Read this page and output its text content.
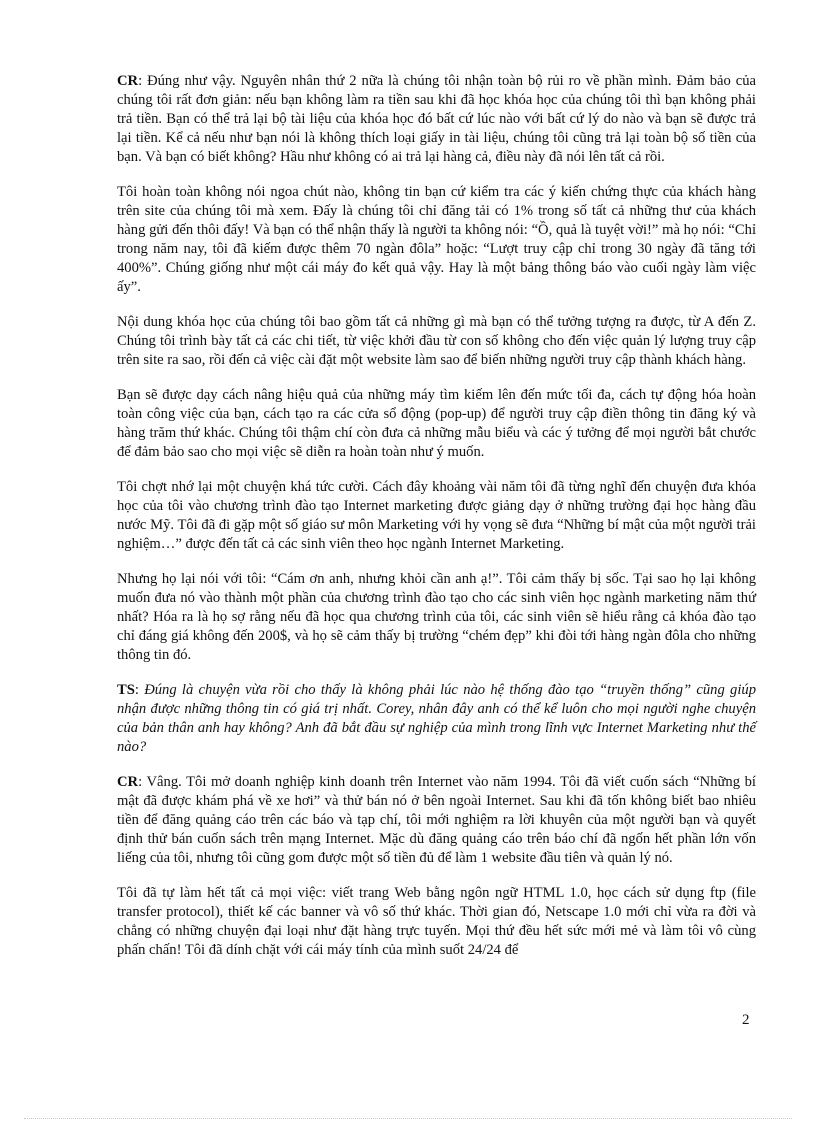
CR: Đúng như vậy. Nguyên nhân thứ 2 nữa là chúng tôi nhận toàn bộ rủi ro về phần mình. Đảm bảo của chúng tôi rất đơn giản: nếu bạn không làm ra tiền sau khi đã học khóa học của chúng tôi thì bạn không phải trả tiền. Bạn có thể trả lại bộ tài liệu của khóa học đó bất cứ lúc nào với bất cứ lý do nào và bạn sẽ được trả lại tiền. Kể cả nếu như bạn nói là không thích loại giấy in tài liệu, chúng tôi cũng trả lại toàn bộ số tiền của bạn. Và bạn có biết không? Hầu như không có ai trả lại hàng cả, điều này đã nói lên tất cả rồi.

Tôi hoàn toàn không nói ngoa chút nào, không tin bạn cứ kiểm tra các ý kiến chứng thực của khách hàng trên site của chúng tôi mà xem. Đấy là chúng tôi chỉ đăng tải có 1% trong số tất cả những thư của khách hàng gửi đến thôi đấy! Và bạn có thể nhận thấy là người ta không nói: “Ồ, quả là tuyệt vời!” mà họ nói: “Chỉ trong năm nay, tôi đã kiếm được thêm 70 ngàn đôla” hoặc: “Lượt truy cập chỉ trong 30 ngày đã tăng tới 400%”. Chúng giống như một cái máy đo kết quả vậy. Hay là một bảng thông báo vào cuối ngày làm việc ấy”.

Nội dung khóa học của chúng tôi bao gồm tất cả những gì mà bạn có thể tưởng tượng ra được, từ A đến Z. Chúng tôi trình bày tất cả các chi tiết, từ việc khởi đầu từ con số không cho đến việc quản lý lượng truy cập trên site ra sao, rồi đến cả việc cài đặt một website làm sao để biến những người truy cập thành khách hàng.

Bạn sẽ được dạy cách nâng hiệu quả của những máy tìm kiếm lên đến mức tối đa, cách tự động hóa hoàn toàn công việc của bạn, cách tạo ra các cửa sổ động (pop-up) để người truy cập điền thông tin đăng ký và hàng trăm thứ khác. Chúng tôi thậm chí còn đưa cả những mẫu biểu và các ý tưởng để mọi người bắt chước để đảm bảo sao cho mọi việc sẽ diễn ra hoàn toàn như ý muốn.

Tôi chợt nhớ lại một chuyện khá tức cười. Cách đây khoảng vài năm tôi đã từng nghĩ đến chuyện đưa khóa học của tôi vào chương trình đào tạo Internet marketing được giảng dạy ở những trường đại học hàng đầu nước Mỹ. Tôi đã đi gặp một số giáo sư môn Marketing với hy vọng sẽ đưa “Những bí mật của một người trải nghiệm…” được đến tất cả các sinh viên theo học ngành Internet Marketing.

Nhưng họ lại nói với tôi: “Cám ơn anh, nhưng khỏi cần anh ạ!”. Tôi cảm thấy bị sốc. Tại sao họ lại không muốn đưa nó vào thành một phần của chương trình đào tạo cho các sinh viên học ngành marketing năm thứ nhất? Hóa ra là họ sợ rằng nếu đã học qua chương trình của tôi, các sinh viên sẽ hiểu rằng cả khóa đào tạo chỉ đáng giá không đến 200$, và họ sẽ cảm thấy bị trường “chém đẹp” khi đòi tới hàng ngàn đôla cho những thông tin đó.

TS: Đúng là chuyện vừa rồi cho thấy là không phải lúc nào hệ thống đào tạo “truyền thống” cũng giúp nhận được những thông tin có giá trị nhất. Corey, nhân đây anh có thể kể luôn cho mọi người nghe chuyện của bản thân anh hay không? Anh đã bắt đầu sự nghiệp của mình trong lĩnh vực Internet Marketing như thế nào?

CR: Vâng. Tôi mở doanh nghiệp kinh doanh trên Internet vào năm 1994. Tôi đã viết cuốn sách “Những bí mật đã được khám phá về xe hơi” và thử bán nó ở bên ngoài Internet. Sau khi đã tốn không biết bao nhiêu tiền để đăng quảng cáo trên các báo và tạp chí, tôi mới nghiệm ra lời khuyên của một người bạn và quyết định thử bán cuốn sách trên mạng Internet. Mặc dù đăng quảng cáo trên báo chí đã ngốn hết phần lớn vốn liếng của tôi, nhưng tôi cũng gom được một số tiền đủ để làm 1 website đầu tiên và quản lý nó.

Tôi đã tự làm hết tất cả mọi việc: viết trang Web bằng ngôn ngữ HTML 1.0, học cách sử dụng ftp (file transfer protocol), thiết kế các banner và vô số thứ khác. Thời gian đó, Netscape 1.0 mới chỉ vừa ra đời và chẳng có những chuyện đại loại như đặt hàng trực tuyến. Mọi thứ đều hết sức mới mẻ và làm tôi vô cùng phấn chấn! Tôi đã dính chặt với cái máy tính của mình suốt 24/24 để

2
